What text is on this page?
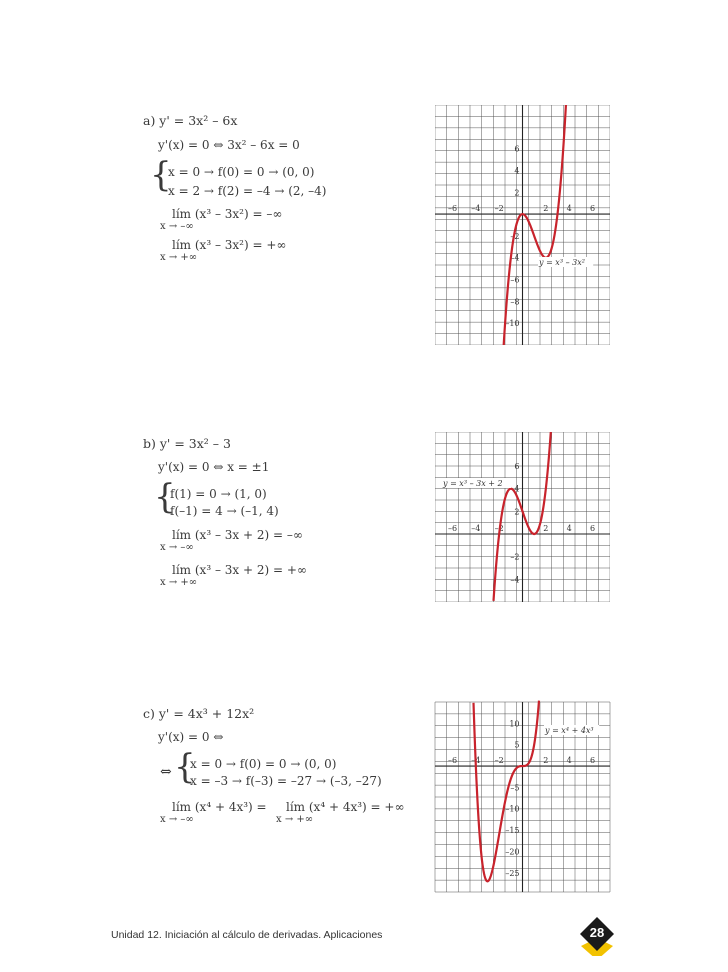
a) y' = 3x² – 6x
y'(x) = 0 ⇔ 3x² – 6x = 0
{
x = 0 → f(0) = 0 → (0, 0)
x = 2 → f(2) = –4 → (2, –4)
lím (x³ – 3x²) = –∞
x → –∞
lím (x³ – 3x²) = +∞
x → +∞
b) y' = 3x² – 3
y'(x) = 0 ⇔ x = ±1
{
f(1) = 0 → (1, 0)
f(–1) = 4 → (–1, 4)
lím (x³ – 3x + 2) = –∞
x → –∞
lím (x³ – 3x + 2) = +∞
x → +∞
c) y' = 4x³ + 12x²
y'(x) = 0 ⇔
⇔ {
x = 0 → f(0) = 0 → (0, 0)
x = –3 → f(–3) = –27 → (–3, –27)
lím (x⁴ + 4x³) =
x → –∞
lím (x⁴ + 4x³) = +∞
x → +∞
–6 –4 –2	2 4 6
6
4
2
–2
–4
–6
–8
–10
y = x³ – 3x²
–6 –4 –2	2 4 6
6
4
2
–2
–4
y = x³ – 3x + 2
–6 –4 –2	2 4 6
10
5
–5
–10
–15
–20
–25
y = x⁴ + 4x³
Unidad 12. Iniciación al cálculo de derivadas. Aplicaciones	28
